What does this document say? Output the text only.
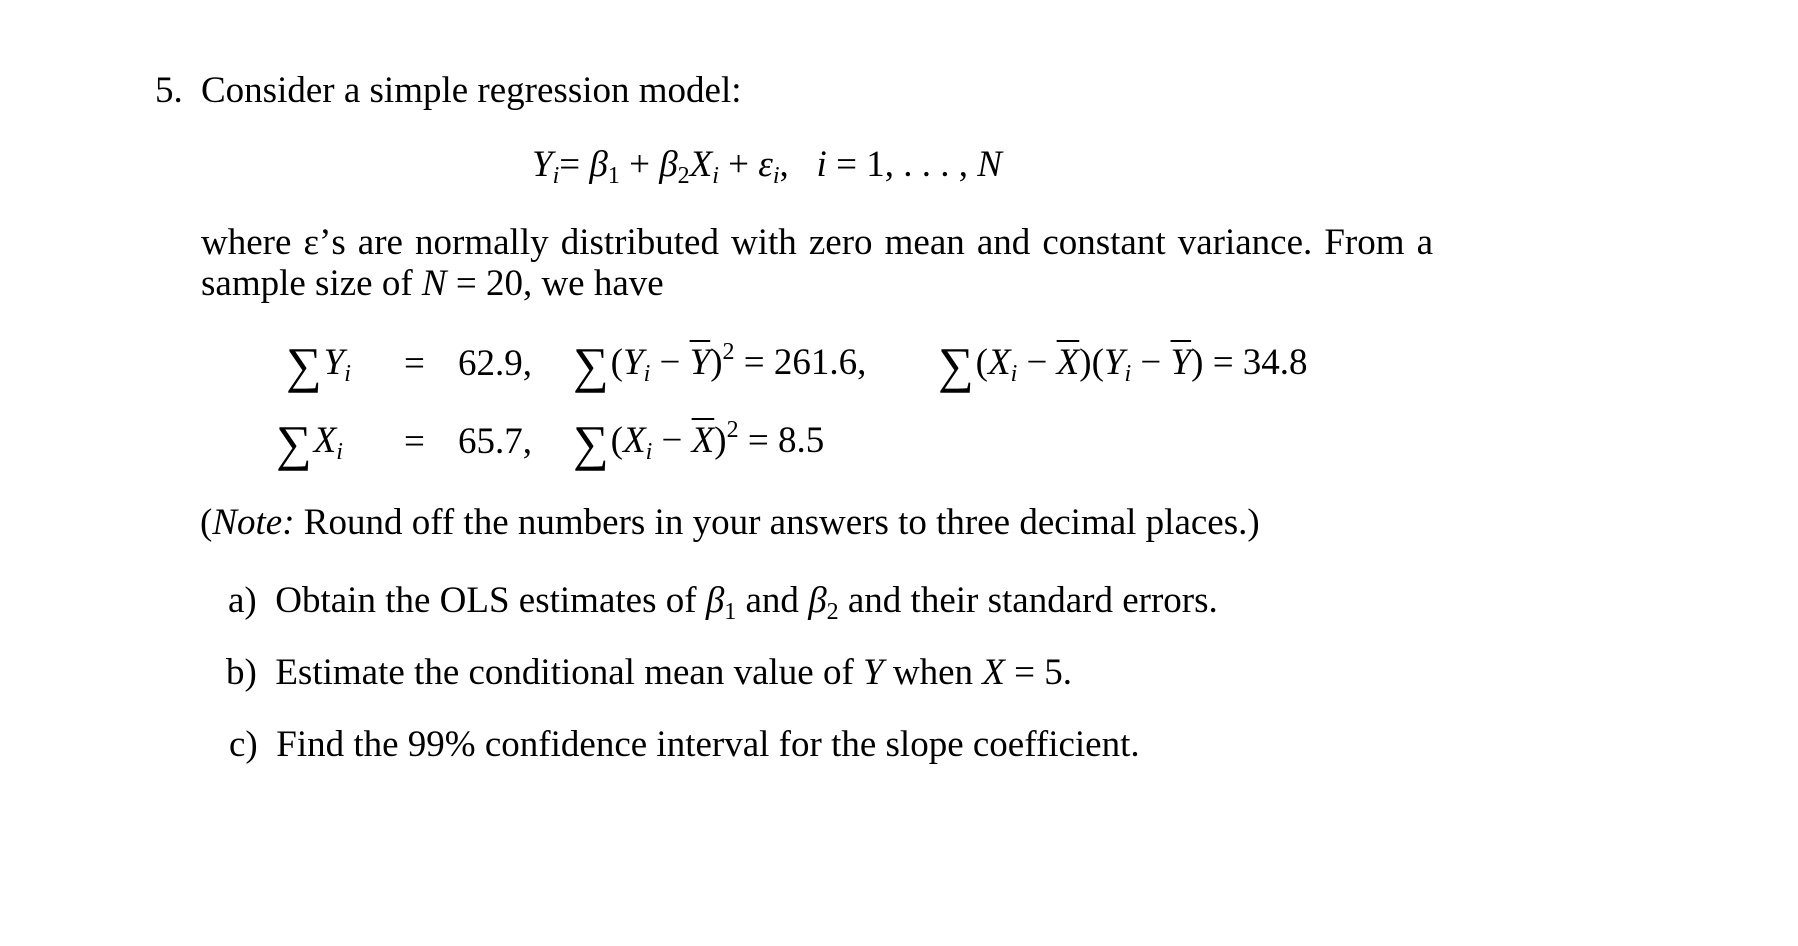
5. Consider a simple regression model:
$Yi= \beta_1 + \beta_2Xi + \varepsilon i$,   i = 1, . . . , N
where ε’s are normally distributed with zero mean and constant variance. From a
sample size of N = 20, we have
∑Yi = 62.9, $\sum(Yi - \overline{Y})^2 = 261.6$, $\sum(Xi - \overline{X})(Yi - \overline{Y}) = 34.8$
∑Xi = 65.7, $\sum(Xi - \overline{X})^2 = 8.5$
(Note: Round off the numbers in your answers to three decimal places.)
a) Obtain the OLS estimates of $\beta_1$ and $\beta_2$ and their standard errors.
b) Estimate the conditional mean value of Y when X = 5.
c) Find the 99% confidence interval for the slope coefficient.
